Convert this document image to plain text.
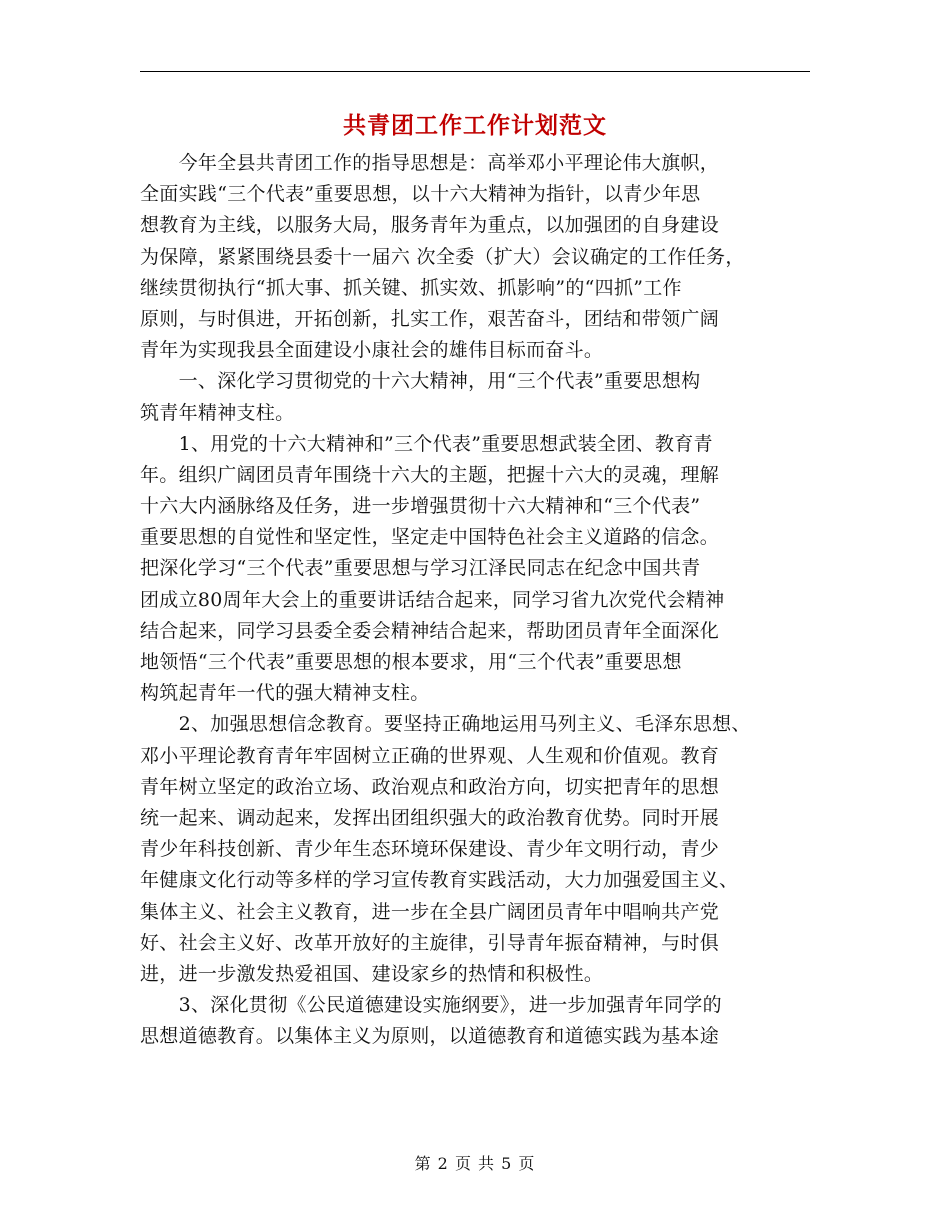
共青团工作工作计划范文
　　今年全县共青团工作的指导思想是：高举邓小平理论伟大旗帜，
全面实践“三个代表”重要思想，以十六大精神为指针，以青少年思
想教育为主线，以服务大局，服务青年为重点，以加强团的自身建设
为保障，紧紧围绕县委十一届六 次全委（扩大）会议确定的工作任务，
继续贯彻执行“抓大事、抓关键、抓实效、抓影响”的“四抓”工作
原则，与时俱进，开拓创新，扎实工作，艰苦奋斗，团结和带领广阔
青年为实现我县全面建设小康社会的雄伟目标而奋斗。
　　一、深化学习贯彻党的十六大精神，用“三个代表”重要思想构
筑青年精神支柱。
　　1、用党的十六大精神和”三个代表”重要思想武装全团、教育青
年。组织广阔团员青年围绕十六大的主题，把握十六大的灵魂，理解
十六大内涵脉络及任务，进一步增强贯彻十六大精神和“三个代表”
重要思想的自觉性和坚定性，坚定走中国特色社会主义道路的信念。
把深化学习“三个代表”重要思想与学习江泽民同志在纪念中国共青
团成立80周年大会上的重要讲话结合起来，同学习省九次党代会精神
结合起来，同学习县委全委会精神结合起来，帮助团员青年全面深化
地领悟“三个代表”重要思想的根本要求，用“三个代表”重要思想
构筑起青年一代的强大精神支柱。
　　2、加强思想信念教育。要坚持正确地运用马列主义、毛泽东思想、
邓小平理论教育青年牢固树立正确的世界观、人生观和价值观。教育
青年树立坚定的政治立场、政治观点和政治方向，切实把青年的思想
统一起来、调动起来，发挥出团组织强大的政治教育优势。同时开展
青少年科技创新、青少年生态环境环保建设、青少年文明行动，青少
年健康文化行动等多样的学习宣传教育实践活动，大力加强爱国主义、
集体主义、社会主义教育，进一步在全县广阔团员青年中唱响共产党
好、社会主义好、改革开放好的主旋律，引导青年振奋精神，与时俱
进，进一步激发热爱祖国、建设家乡的热情和积极性。
　　3、深化贯彻《公民道德建设实施纲要》，进一步加强青年同学的
思想道德教育。以集体主义为原则，以道德教育和道德实践为基本途
第 2 页 共 5 页
